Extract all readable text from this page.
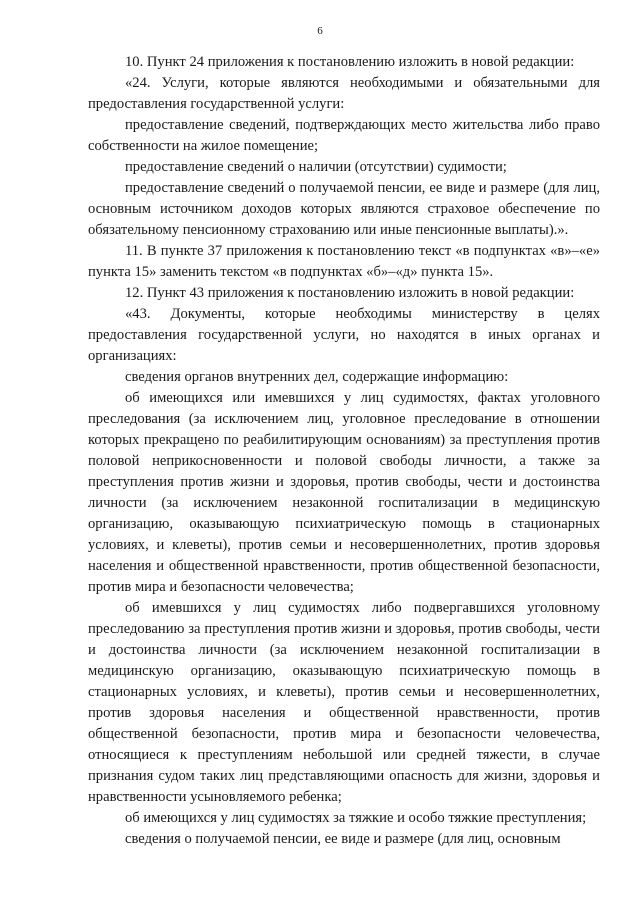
6

10. Пункт 24 приложения к постановлению изложить в новой редакции:

«24. Услуги, которые являются необходимыми и обязательными для предоставления государственной услуги:

предоставление сведений, подтверждающих место жительства либо право собственности на жилое помещение;

предоставление сведений о наличии (отсутствии) судимости;

предоставление сведений о получаемой пенсии, ее виде и размере (для лиц, основным источником доходов которых являются страховое обеспечение по обязательному пенсионному страхованию или иные пенсионные выплаты).».

11. В пункте 37 приложения к постановлению текст «в подпунктах «в»–«е» пункта 15» заменить текстом «в подпунктах «б»–«д» пункта 15».

12. Пункт 43 приложения к постановлению изложить в новой редакции:

«43. Документы, которые необходимы министерству в целях предоставления государственной услуги, но находятся в иных органах и организациях:

сведения органов внутренних дел, содержащие информацию:

об имеющихся или имевшихся у лиц судимостях, фактах уголовного преследования (за исключением лиц, уголовное преследование в отношении которых прекращено по реабилитирующим основаниям) за преступления против половой неприкосновенности и половой свободы личности, а также за преступления против жизни и здоровья, против свободы, чести и достоинства личности (за исключением незаконной госпитализации в медицинскую организацию, оказывающую психиатрическую помощь в стационарных условиях, и клеветы), против семьи и несовершеннолетних, против здоровья населения и общественной нравственности, против общественной безопасности, против мира и безопасности человечества;

об имевшихся у лиц судимостях либо подвергавшихся уголовному преследованию за преступления против жизни и здоровья, против свободы, чести и достоинства личности (за исключением незаконной госпитализации в медицинскую организацию, оказывающую психиатрическую помощь в стационарных условиях, и клеветы), против семьи и несовершеннолетних, против здоровья населения и общественной нравственности, против общественной безопасности, против мира и безопасности человечества, относящиеся к преступлениям небольшой или средней тяжести, в случае признания судом таких лиц представляющими опасность для жизни, здоровья и нравственности усыновляемого ребенка;

об имеющихся у лиц судимостях за тяжкие и особо тяжкие преступления;

сведения о получаемой пенсии, ее виде и размере (для лиц, основным
